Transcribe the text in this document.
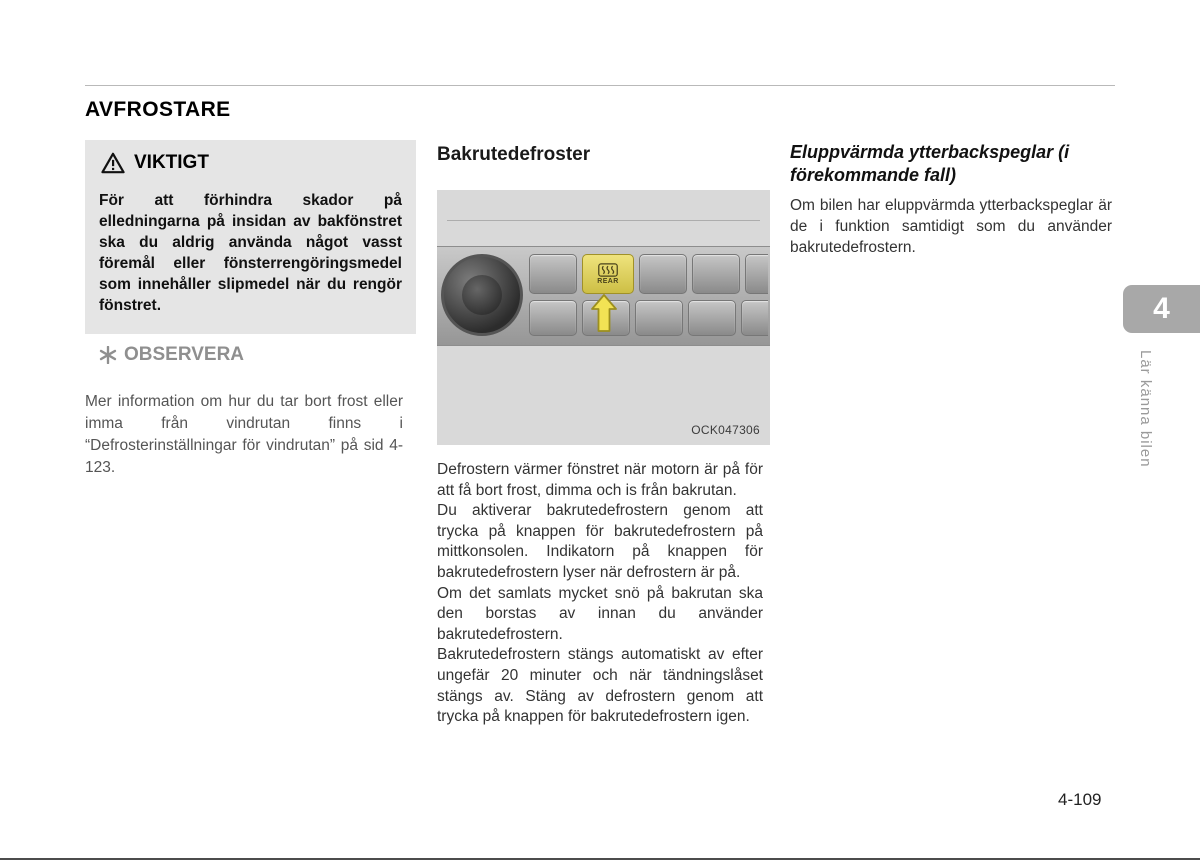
AVFROSTARE
VIKTIGT
För att förhindra skador på elledningarna på insidan av bakfönstret ska du aldrig använda något vasst föremål eller fönsterrengöringsmedel som innehåller slipmedel när du rengör fönstret.
OBSERVERA
Mer information om hur du tar bort frost eller imma från vindrutan finns i “Defrosterinställningar för vindrutan” på sid 4-123.
Bakrutedefroster
REAR
OCK047306

Defrostern värmer fönstret när motorn är på för att få bort frost, dimma och is från bakrutan.

Du aktiverar bakrutedefrostern genom att trycka på knappen för bakrutedefrostern på mittkonsolen. Indikatorn på knappen för bakrutedefrostern lyser när defrostern är på.

Om det samlats mycket snö på bakrutan ska den borstas av innan du använder bakrutedefrostern.

Bakrutedefrostern stängs automatiskt av efter ungefär 20 minuter och när tändningslåset stängs av. Stäng av defrostern genom att trycka på knappen för bakrutedefrostern igen.

Eluppvärmda ytterbackspeglar (i förekommande fall)
Om bilen har eluppvärmda ytterbackspeglar är de i funktion samtidigt som du använder bakrutedefrostern.
4
Lär känna bilen
4-109
